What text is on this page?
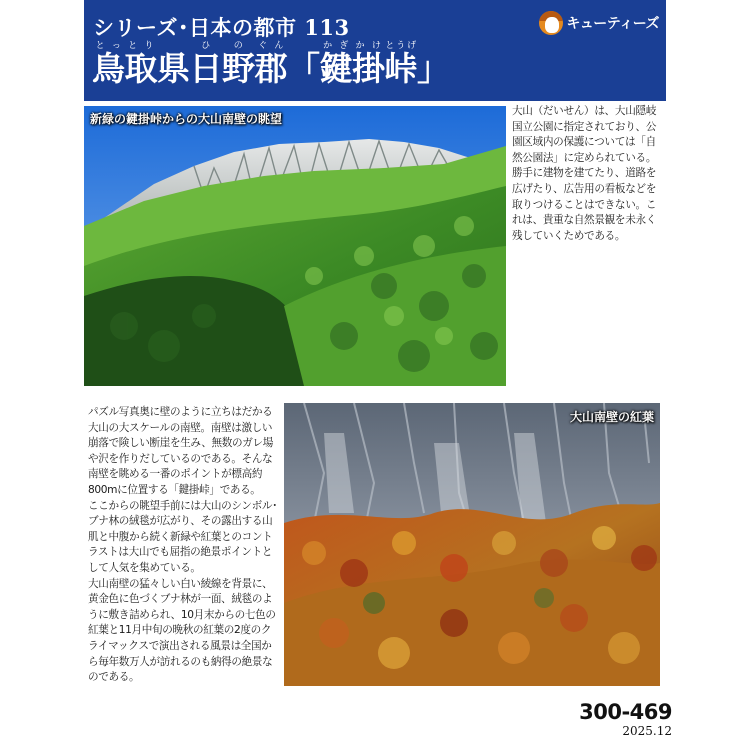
シリーズ･日本の都市 113
鳥とっ
取とり
県 日ひ
野の
郡ぐん
「 鍵かぎ
掛かけ
峠とうげ
」
キューティーズ
新緑の鍵掛峠からの大山南壁の眺望

大山（だいせん）は、大山隠岐国立公園に指定されており、公園区域内の保護については「自然公園法」に定められている。

勝手に建物を建てたり、道路を広げたり、広告用の看板などを取りつけることはできない。これは、貴重な自然景観を未永く残していくためである。

パズル写真奥に壁のように立ちはだかる大山の大スケールの南壁。南壁は激しい崩落で険しい断崖を生み、無数のガレ場や沢を作りだしているのである。そんな南壁を眺める一番のポイントが標高約800mに位置する「鍵掛峠」である。

ここからの眺望手前には大山のシンボル･ブナ林の絨毯が広がり、その露出する山肌と中腹から続く新緑や紅葉とのコントラストは大山でも屈指の絶景ポイントとして人気を集めている。

大山南壁の猛々しい白い綾線を背景に、黄金色に色づくブナ林が一面、絨毯のように敷き詰められ、10月末からの七色の紅葉と11月中旬の晩秋の紅葉の2度のクライマックスで演出される風景は全国から毎年数万人が訪れるのも納得の絶景なのである。

大山南壁の紅葉
300-469
2025.12
